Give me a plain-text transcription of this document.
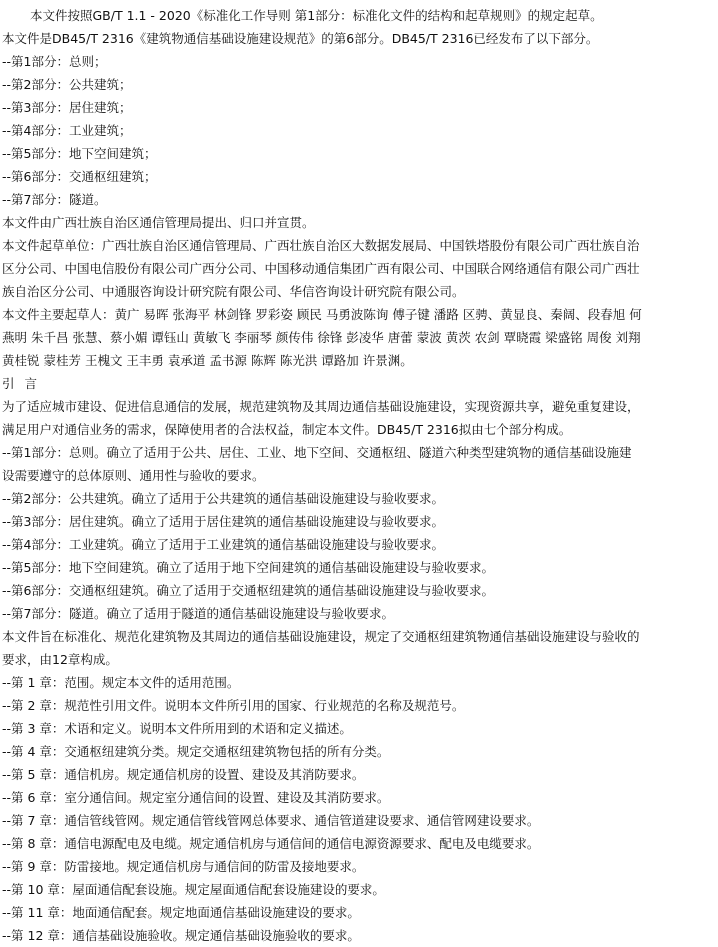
本文件按照GB/T 1.1 - 2020《标准化工作导则 第1部分：标准化文件的结构和起草规则》的规定起草。
本文件是DB45/T 2316《建筑物通信基础设施建设规范》的第6部分。DB45/T 2316已经发布了以下部分。
--第1部分：总则；
--第2部分：公共建筑；
--第3部分：居住建筑；
--第4部分：工业建筑；
--第5部分：地下空间建筑；
--第6部分：交通枢纽建筑；
--第7部分：隧道。
本文件由广西壮族自治区通信管理局提出、归口并宣贯。
本文件起草单位：广西壮族自治区通信管理局、广西壮族自治区大数据发展局、中国铁塔股份有限公司广西壮族自治
区分公司、中国电信股份有限公司广西分公司、中国移动通信集团广西有限公司、中国联合网络通信有限公司广西壮
族自治区分公司、中通服咨询设计研究院有限公司、华信咨询设计研究院有限公司。
本文件主要起草人：黄广 易晖 张海平 林剑锋 罗彩姿 顾民 马勇波陈询 傅子键 潘路 区骋、黄显良、秦阔、段春旭 何
燕明 朱千昌 张慧、蔡小媚 谭钰山 黄敏飞 李丽琴 颜传伟 徐锋 彭凌华 唐蕾 蒙波 黄茨 农剑 覃晓霞 梁盛铭 周俊 刘翔
黄桂锐 蒙桂芳 王槐文 王丰勇 袁承道 孟书源 陈辉 陈光洪 谭路加 许景渊。
引 言
为了适应城市建设、促进信息通信的发展，规范建筑物及其周边通信基础设施建设，实现资源共享，避免重复建设，
满足用户对通信业务的需求，保障使用者的合法权益，制定本文件。DB45/T 2316拟由七个部分构成。
--第1部分：总则。确立了适用于公共、居住、工业、地下空间、交通枢纽、隧道六种类型建筑物的通信基础设施建
设需要遵守的总体原则、通用性与验收的要求。
--第2部分：公共建筑。确立了适用于公共建筑的通信基础设施建设与验收要求。
--第3部分：居住建筑。确立了适用于居住建筑的通信基础设施建设与验收要求。
--第4部分：工业建筑。确立了适用于工业建筑的通信基础设施建设与验收要求。
--第5部分：地下空间建筑。确立了适用于地下空间建筑的通信基础设施建设与验收要求。
--第6部分：交通枢纽建筑。确立了适用于交通枢纽建筑的通信基础设施建设与验收要求。
--第7部分：隧道。确立了适用于隧道的通信基础设施建设与验收要求。
本文件旨在标准化、规范化建筑物及其周边的通信基础设施建设，规定了交通枢纽建筑物通信基础设施建设与验收的
要求，由12章构成。
--第 1 章：范围。规定本文件的适用范围。
--第 2 章：规范性引用文件。说明本文件所引用的国家、行业规范的名称及规范号。
--第 3 章：术语和定义。说明本文件所用到的术语和定义描述。
--第 4 章：交通枢纽建筑分类。规定交通枢纽建筑物包括的所有分类。
--第 5 章：通信机房。规定通信机房的设置、建设及其消防要求。
--第 6 章：室分通信间。规定室分通信间的设置、建设及其消防要求。
--第 7 章：通信管线管网。规定通信管线管网总体要求、通信管道建设要求、通信管网建设要求。
--第 8 章：通信电源配电及电缆。规定通信机房与通信间的通信电源资源要求、配电及电缆要求。
--第 9 章：防雷接地。规定通信机房与通信间的防雷及接地要求。
--第 10 章：屋面通信配套设施。规定屋面通信配套设施建设的要求。
--第 11 章：地面通信配套。规定地面通信基础设施建设的要求。
--第 12 章：通信基础设施验收。规定通信基础设施验收的要求。
